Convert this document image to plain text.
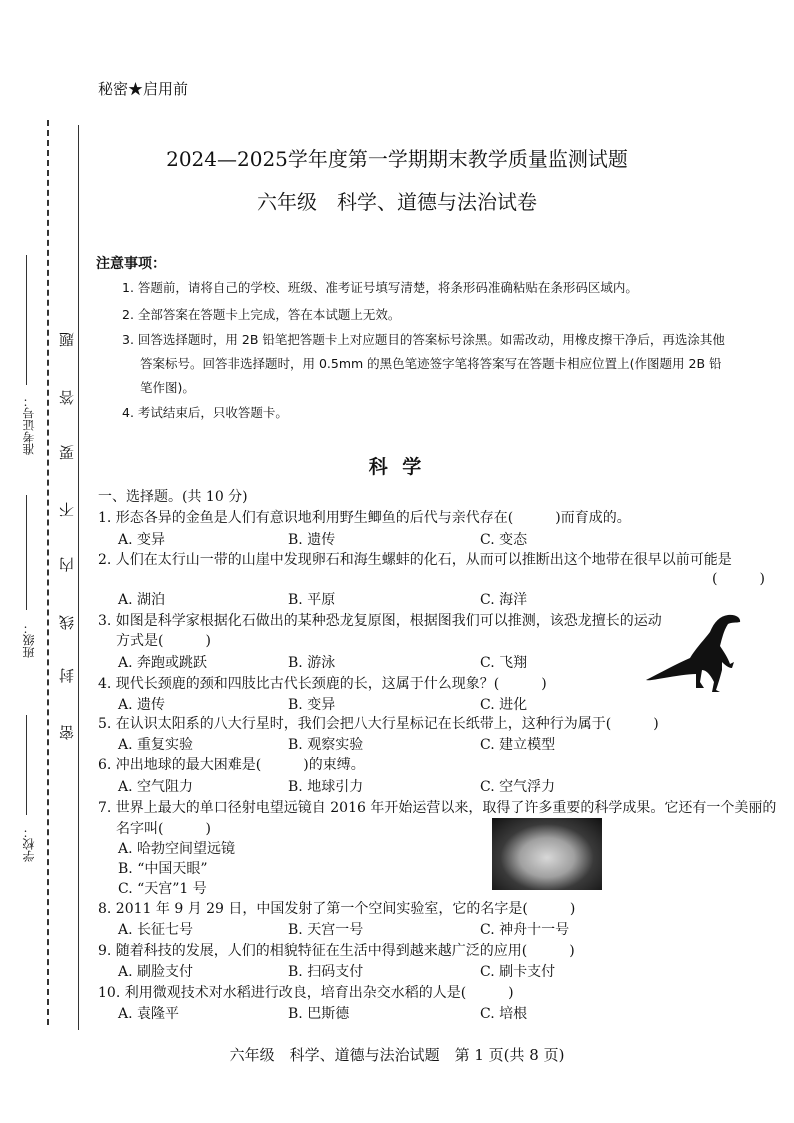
准考证号：
班级：
学校：
密
封
线
内
不
要
答
题
秘密★启用前
2024—2025学年度第一学期期末教学质量监测试题
六年级　科学、道德与法治试卷
注意事项：
1. 答题前，请将自己的学校、班级、准考证号填写清楚，将条形码准确粘贴在条形码区域内。
2. 全部答案在答题卡上完成，答在本试题上无效。
3. 回答选择题时，用 2B 铅笔把答题卡上对应题目的答案标号涂黑。如需改动，用橡皮擦干净后，再选涂其他
答案标号。回答非选择题时，用 0.5mm 的黑色笔迹签字笔将答案写在答题卡相应位置上(作图题用 2B 铅
笔作图)。
4. 考试结束后，只收答题卡。
科 学
一、选择题。(共 10 分)
1. 形态各异的金鱼是人们有意识地利用野生鲫鱼的后代与亲代存在(　　　)而育成的。
A. 变异	B. 遗传	C. 变态
2. 人们在太行山一带的山崖中发现卵石和海生螺蚌的化石，从而可以推断出这个地带在很早以前可能是
(　　　)
A. 湖泊	B. 平原	C. 海洋
3. 如图是科学家根据化石做出的某种恐龙复原图，根据图我们可以推测，该恐龙擅长的运动
方式是(　　　)
A. 奔跑或跳跃	B. 游泳	C. 飞翔
4. 现代长颈鹿的颈和四肢比古代长颈鹿的长，这属于什么现象？(　　　)
A. 遗传	B. 变异	C. 进化
5. 在认识太阳系的八大行星时，我们会把八大行星标记在长纸带上，这种行为属于(　　　)
A. 重复实验	B. 观察实验	C. 建立模型
6. 冲出地球的最大困难是(　　　)的束缚。
A. 空气阻力	B. 地球引力	C. 空气浮力
7. 世界上最大的单口径射电望远镜自 2016 年开始运营以来，取得了许多重要的科学成果。它还有一个美丽的
名字叫(　　　)
A. 哈勃空间望远镜
B. “中国天眼”
C. “天宫”1 号
8. 2011 年 9 月 29 日，中国发射了第一个空间实验室，它的名字是(　　　)
A. 长征七号	B. 天宫一号	C. 神舟十一号
9. 随着科技的发展，人们的相貌特征在生活中得到越来越广泛的应用(　　　)
A. 刷脸支付	B. 扫码支付	C. 刷卡支付
10. 利用微观技术对水稻进行改良，培育出杂交水稻的人是(　　　)
A. 袁隆平	B. 巴斯德	C. 培根
六年级　科学、道德与法治试题　第 1 页(共 8 页)
